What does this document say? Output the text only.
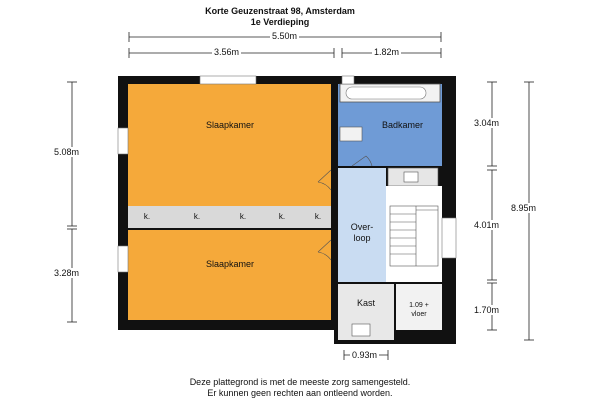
Korte Geuzenstraat 98, Amsterdam
1e Verdieping
5.50m
3.56m	1.82m
5.08m
3.28m
3.04m
4.01m
1.70m
8.95m
0.93m
Slaapkamer
Slaapkamer
Badkamer
Over-
loop
Kast	1.09 +
vloer
k.	k.	k.	k.	k.
Deze plattegrond is met de meeste zorg samengesteld.
Er kunnen geen rechten aan ontleend worden.
